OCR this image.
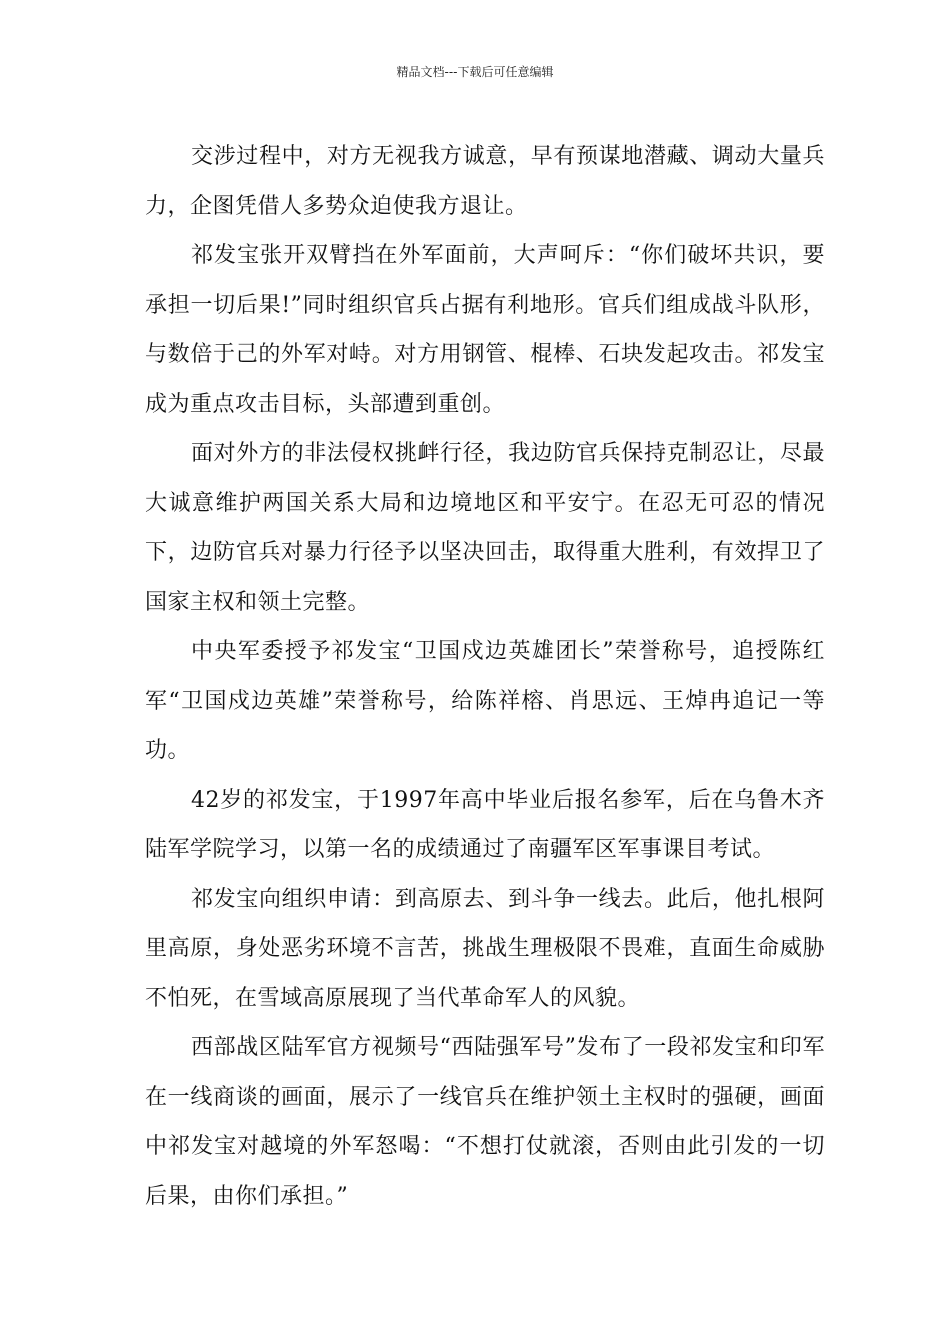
精品文档---下载后可任意编辑

交涉过程中，对方无视我方诚意，早有预谋地潜藏、调动大量兵力，企图凭借人多势众迫使我方退让。

祁发宝张开双臂挡在外军面前，大声呵斥：“你们破坏共识，要承担一切后果!”同时组织官兵占据有利地形。官兵们组成战斗队形，与数倍于己的外军对峙。对方用钢管、棍棒、石块发起攻击。祁发宝成为重点攻击目标，头部遭到重创。

面对外方的非法侵权挑衅行径，我边防官兵保持克制忍让，尽最大诚意维护两国关系大局和边境地区和平安宁。在忍无可忍的情况下，边防官兵对暴力行径予以坚决回击，取得重大胜利，有效捍卫了国家主权和领土完整。

中央军委授予祁发宝“卫国戍边英雄团长”荣誉称号，追授陈红军“卫国戍边英雄”荣誉称号，给陈祥榕、肖思远、王焯冉追记一等功。

42岁的祁发宝，于1997年高中毕业后报名参军，后在乌鲁木齐陆军学院学习，以第一名的成绩通过了南疆军区军事课目考试。

祁发宝向组织申请：到高原去、到斗争一线去。此后，他扎根阿里高原，身处恶劣环境不言苦，挑战生理极限不畏难，直面生命威胁不怕死，在雪域高原展现了当代革命军人的风貌。

西部战区陆军官方视频号“西陆强军号”发布了一段祁发宝和印军在一线商谈的画面，展示了一线官兵在维护领土主权时的强硬，画面中祁发宝对越境的外军怒喝：“不想打仗就滚，否则由此引发的一切后果，由你们承担。”
